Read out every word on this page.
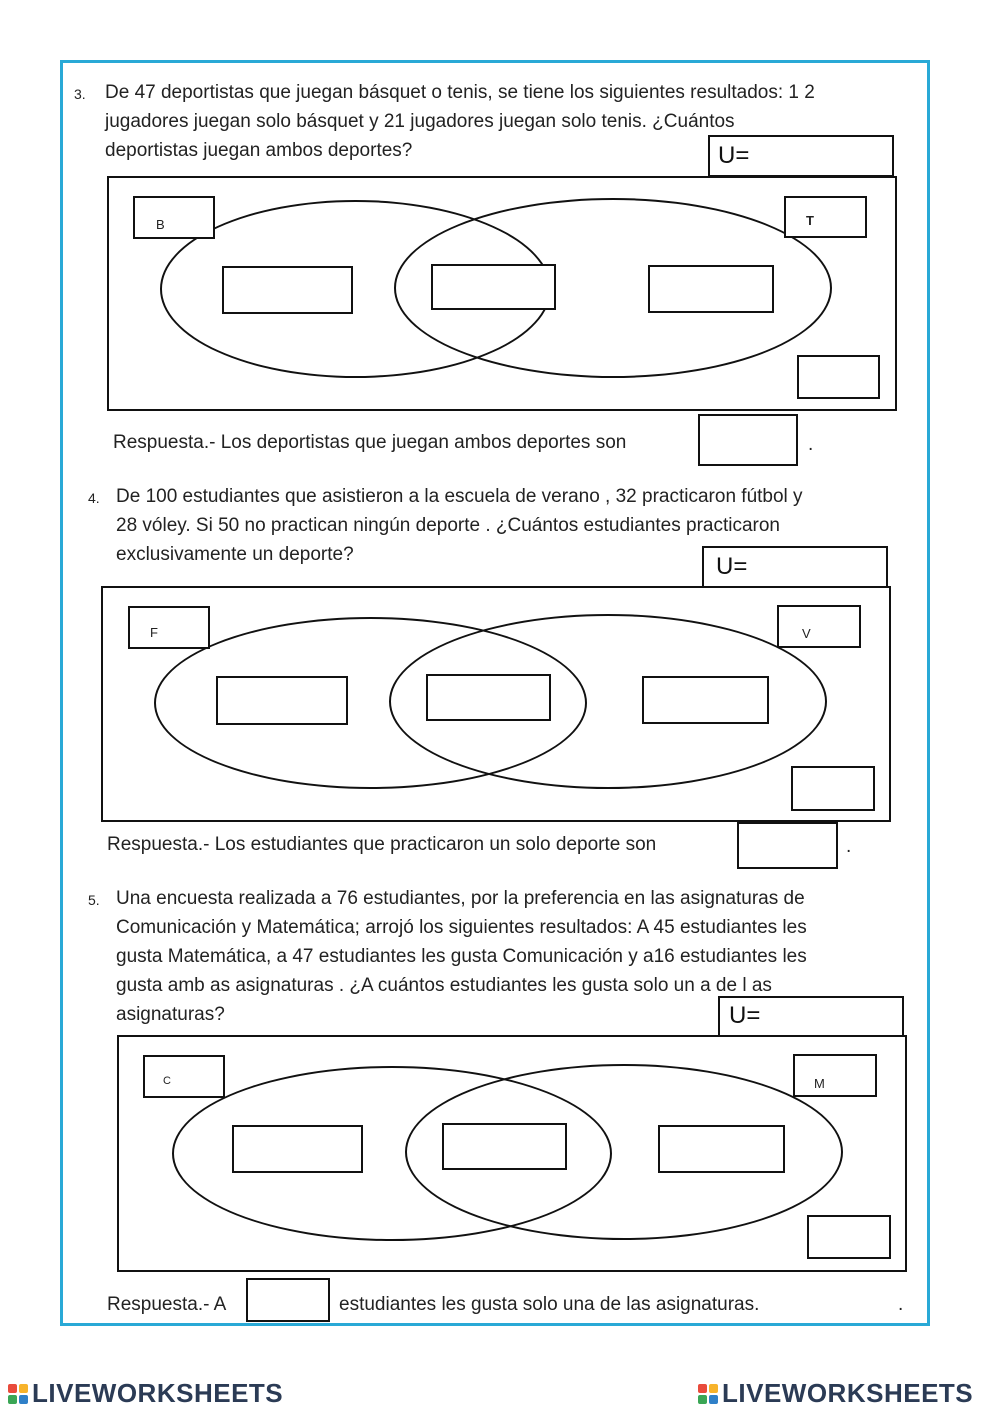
3. De 47 deportistas que juegan básquet o tenis, se tiene los siguientes resultados: 1 2
jugadores juegan solo básquet y 21 jugadores juegan solo tenis. ¿Cuántos
deportistas juegan ambos deportes?	U=
B	T
Respuesta.- Los deportistas que juegan ambos deportes son	.
4. De 100 estudiantes que asistieron a la escuela de verano , 32 practicaron fútbol y
28 vóley. Si 50 no practican ningún deporte . ¿Cuántos estudiantes practicaron
exclusivamente un deporte?	U=
F	V
Respuesta.- Los estudiantes que practicaron un solo deporte son	.
5. Una encuesta realizada a 76 estudiantes, por la preferencia en las asignaturas de
Comunicación y Matemática; arrojó los siguientes resultados: A 45 estudiantes les
gusta Matemática, a 47 estudiantes les gusta Comunicación y a16 estudiantes les
gusta amb as asignaturas . ¿A cuántos estudiantes les gusta solo un a de l as
asignaturas?	U=
C	M
Respuesta.- A	estudiantes les gusta solo una de las asignaturas.	.
LIVEWORKSHEETS	LIVEWORKSHEETS
